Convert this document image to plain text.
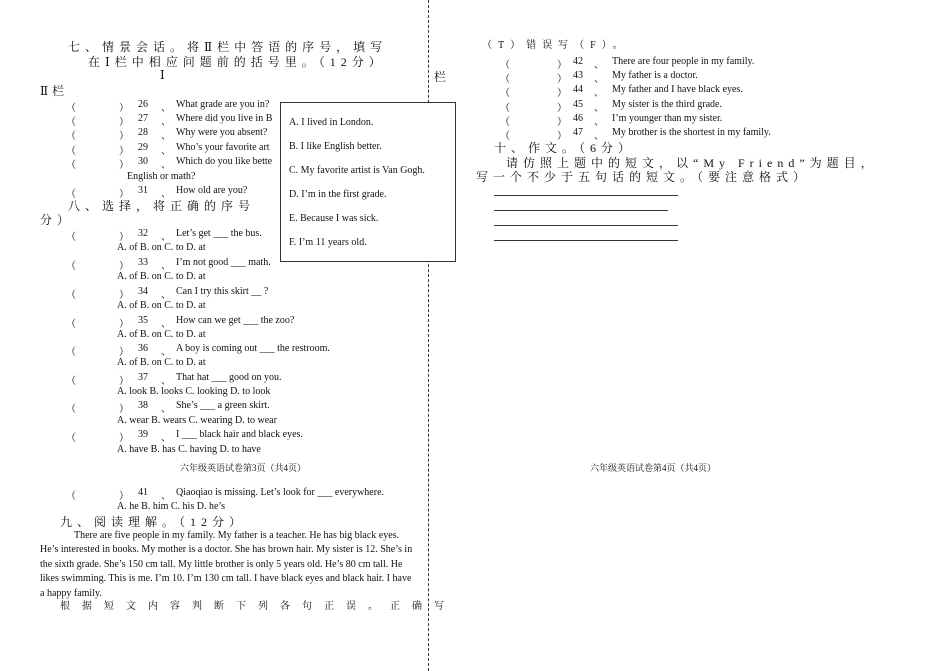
七、情景会话。将Ⅱ栏中答语的序号，填写
在Ⅰ栏中相应问题前的括号里。（12分）
Ⅰ	栏
Ⅱ栏
（	） 26 、 What grade are you in?
（	） 27 、 Where did you live in B
（	） 28 、 Why were you absent?
（	） 29 、 Who’s your favorite art
（	） 30 、 Which do you like bette
English or math?
（	） 31 、 How old are you?
A. I lived in London.
B. I like English better.
C. My favorite artist is Van Gogh.
D. I’m in the first grade.
E. Because I was sick.
F. I’m 11 years old.
八、选择，将正确的序号
分）
（	） 32 、 Let’s get ___ the bus.
A. of B. on C. to D. at
（	） 33 、 I’m not good ___ math.
A. of B. on C. to D. at
（	） 34 、 Can I try this skirt __ ?
A. of B. on C. to D. at
（	） 35 、 How can we get ___ the zoo?
A. of B. on C. to D. at
（	） 36 、 A boy is coming out ___ the restroom.
A. of B. on C. to D. at
（	） 37 、 That hat ___ good on you.
A. look B. looks C. looking D. to look
（	） 38 、 She’s ___ a green skirt.
A. wear B. wears C. wearing D. to wear
（	） 39 、 I ___ black hair and black eyes.
A. have B. has C. having D. to have
六年级英语试卷第3页（共4页）	六年级英语试卷第4页（共4页）
（	） 41 、 Qiaoqiao is missing. Let’s look for ___ everywhere.
A. he B. him C. his D. he’s
九、阅读理解。（12分）
There are five people in my family. My father is a teacher. He has big black eyes.
He’s interested in books. My mother is a doctor. She has brown hair. My sister is 12. She’s in
the sixth grade. She’s 150 cm tall. My little brother is only 5 years old. He’s 80 cm tall. He
likes swimming. This is me. I’m 10. I’m 130 cm tall. I have black eyes and black hair. I have
a happy family.
根据短文内容判断下列各句正误。正确写
（T）错误写（F）。
（	） 42 、 There are four people in my family.
（	） 43 、 My father is a doctor.
（	） 44 、 My father and I have black eyes.
（	） 45 、 My sister is the third grade.
（	） 46 、 I’m younger than my sister.
（	） 47 、 My brother is the shortest in my family.
十、作文。（6分）
请仿照上题中的短文，以“My Friend”为题目，
写一个不少于五句话的短文。（要注意格式）
